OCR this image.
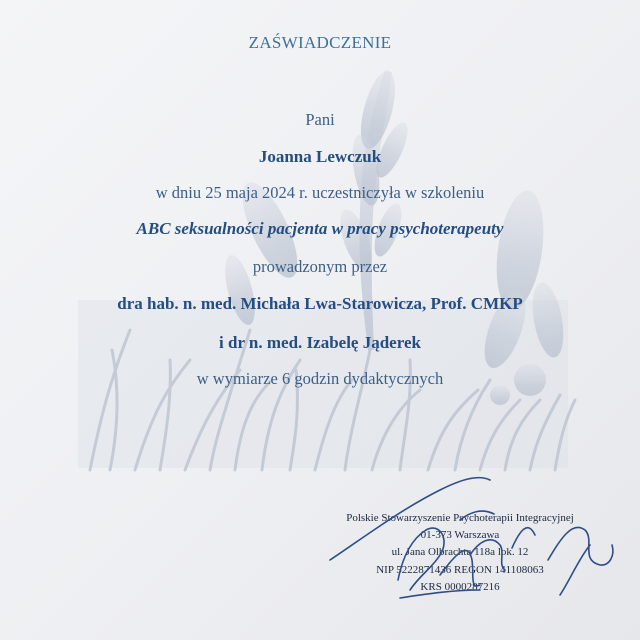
ZAŚWIADCZENIE
Pani
Joanna Lewczuk
w dniu 25 maja 2024 r. uczestniczyła w szkoleniu
ABC seksualności pacjenta w pracy psychoterapeuty
prowadzonym przez
dra hab. n. med. Michała Lwa-Starowicza, Prof. CMKP
i dr n. med. Izabelę Jąderek
w wymiarze 6 godzin dydaktycznych
Polskie Stowarzyszenie Psychoterapii Integracyjnej
01-373 Warszawa
ul. Jana Olbrachta 118a lok. 12
NIP 5222871436 REGON 141108063
KRS 0000287216
